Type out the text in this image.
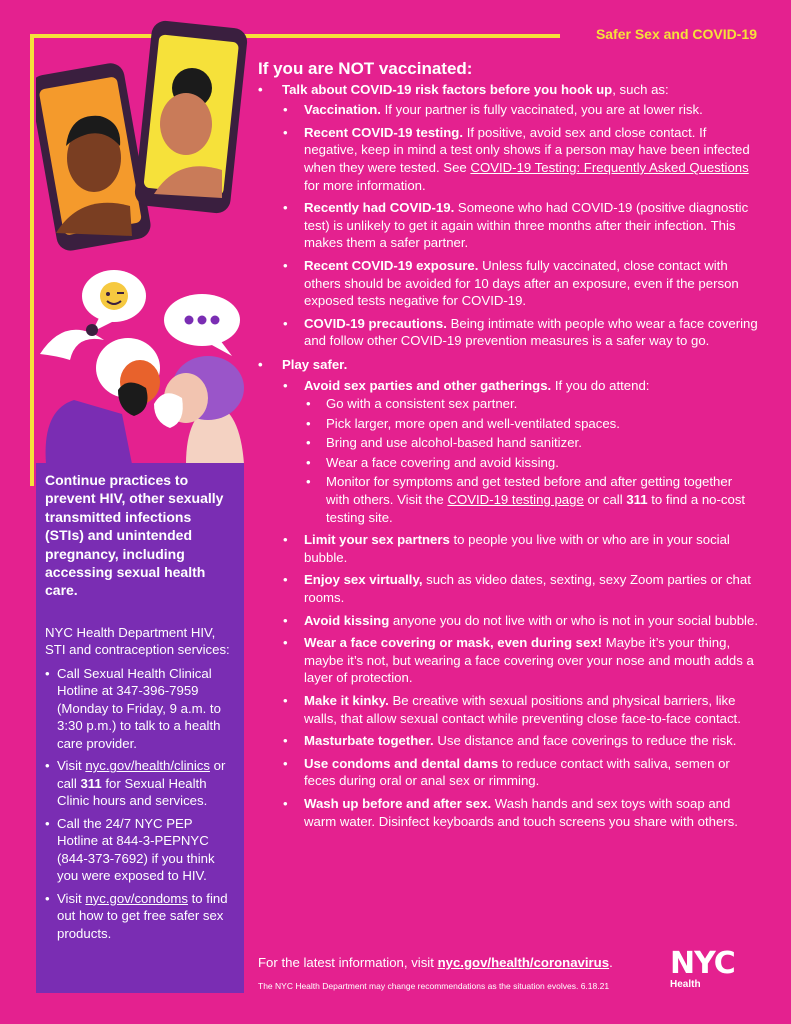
Safer Sex and COVID-19

Continue practices to prevent HIV, other sexually transmitted infections (STIs) and unintended pregnancy, including accessing sexual health care.

NYC Health Department HIV, STI and contraception services:

• Call Sexual Health Clinical Hotline at 347-396-7959 (Monday to Friday, 9 a.m. to 3:30 p.m.) to talk to a health care provider.
• Visit nyc.gov/health/clinics or call 311 for Sexual Health Clinic hours and services.
• Call the 24/7 NYC PEP Hotline at 844-3-PEPNYC (844-373-7692) if you think you were exposed to HIV.
• Visit nyc.gov/condoms to find out how to get free safer sex products.
If you are NOT vaccinated:
• Talk about COVID-19 risk factors before you hook up, such as:
• Vaccination. If your partner is fully vaccinated, you are at lower risk.
• Recent COVID-19 testing. If positive, avoid sex and close contact. If negative, keep in mind a test only shows if a person may have been infected when they were tested. See COVID-19 Testing: Frequently Asked Questions for more information.
• Recently had COVID-19. Someone who had COVID-19 (positive diagnostic test) is unlikely to get it again within three months after their infection. This makes them a safer partner.
• Recent COVID-19 exposure. Unless fully vaccinated, close contact with others should be avoided for 10 days after an exposure, even if the person exposed tests negative for COVID-19.
• COVID-19 precautions. Being intimate with people who wear a face covering and follow other COVID-19 prevention measures is a safer way to go.
• Play safer.
• Avoid sex parties and other gatherings. If you do attend:
• Go with a consistent sex partner.
• Pick larger, more open and well-ventilated spaces.
• Bring and use alcohol-based hand sanitizer.
• Wear a face covering and avoid kissing.
• Monitor for symptoms and get tested before and after getting together with others. Visit the COVID-19 testing page or call 311 to find a no-cost testing site.
• Limit your sex partners to people you live with or who are in your social bubble.
• Enjoy sex virtually, such as video dates, sexting, sexy Zoom parties or chat rooms.
• Avoid kissing anyone you do not live with or who is not in your social bubble.
• Wear a face covering or mask, even during sex! Maybe it’s your thing, maybe it’s not, but wearing a face covering over your nose and mouth adds a layer of protection.
• Make it kinky. Be creative with sexual positions and physical barriers, like walls, that allow sexual contact while preventing close face-to-face contact.
• Masturbate together. Use distance and face coverings to reduce the risk.
• Use condoms and dental dams to reduce contact with saliva, semen or feces during oral or anal sex or rimming.
• Wash up before and after sex. Wash hands and sex toys with soap and warm water. Disinfect keyboards and touch screens you share with others.
For the latest information, visit nyc.gov/health/coronavirus.
The NYC Health Department may change recommendations as the situation evolves. 6.18.21
NYC
Health
